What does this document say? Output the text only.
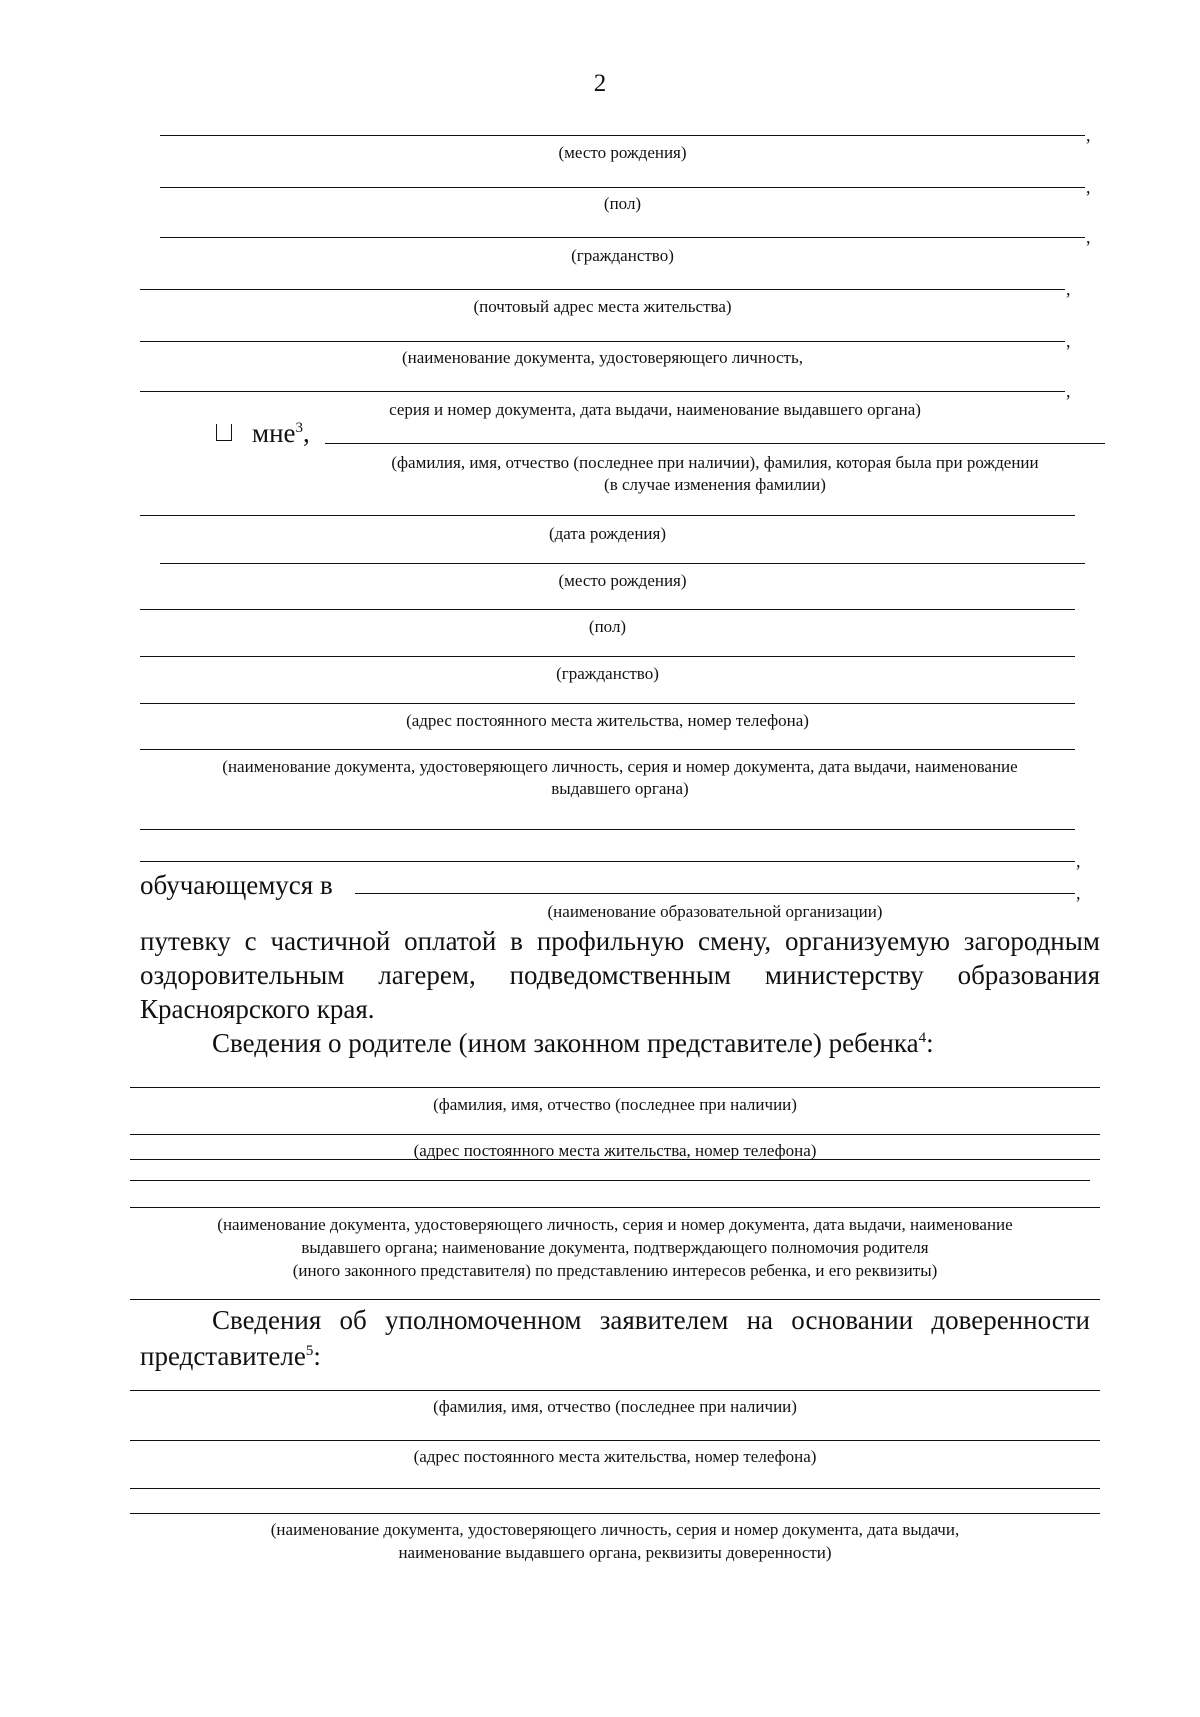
2
,
(место рождения)
,
(пол)
,
(гражданство)
,
(почтовый адрес места жительства)
,
(наименование документа, удостоверяющего личность,
,
серия и номер документа, дата выдачи, наименование выдавшего органа)
мне$^3$,
(фамилия, имя, отчество (последнее при наличии), фамилия, которая была при рождении
(в случае изменения фамилии)
(дата рождения)
(место рождения)
(пол)
(гражданство)
(адрес постоянного места жительства, номер телефона)
(наименование документа, удостоверяющего личность, серия и номер документа, дата выдачи, наименование
выдавшего органа)
,
обучающемуся в	,
(наименование образовательной организации)
путевку с частичной оплатой в профильную смену, организуемую загородным
оздоровительным лагерем, подведомственным министерству образования
Красноярского края.
Сведения о родителе (ином законном представителе) ребенка$^4$:
(фамилия, имя, отчество (последнее при наличии)
(адрес постоянного места жительства, номер телефона)
(наименование документа, удостоверяющего личность, серия и номер документа, дата выдачи, наименование
выдавшего органа; наименование документа, подтверждающего полномочия родителя
(иного законного представителя) по представлению интересов ребенка, и его реквизиты)
Сведения об уполномоченном заявителем на основании доверенности
представителе$^5$:
(фамилия, имя, отчество (последнее при наличии)
(адрес постоянного места жительства, номер телефона)
(наименование документа, удостоверяющего личность, серия и номер документа, дата выдачи,
наименование выдавшего органа, реквизиты доверенности)
